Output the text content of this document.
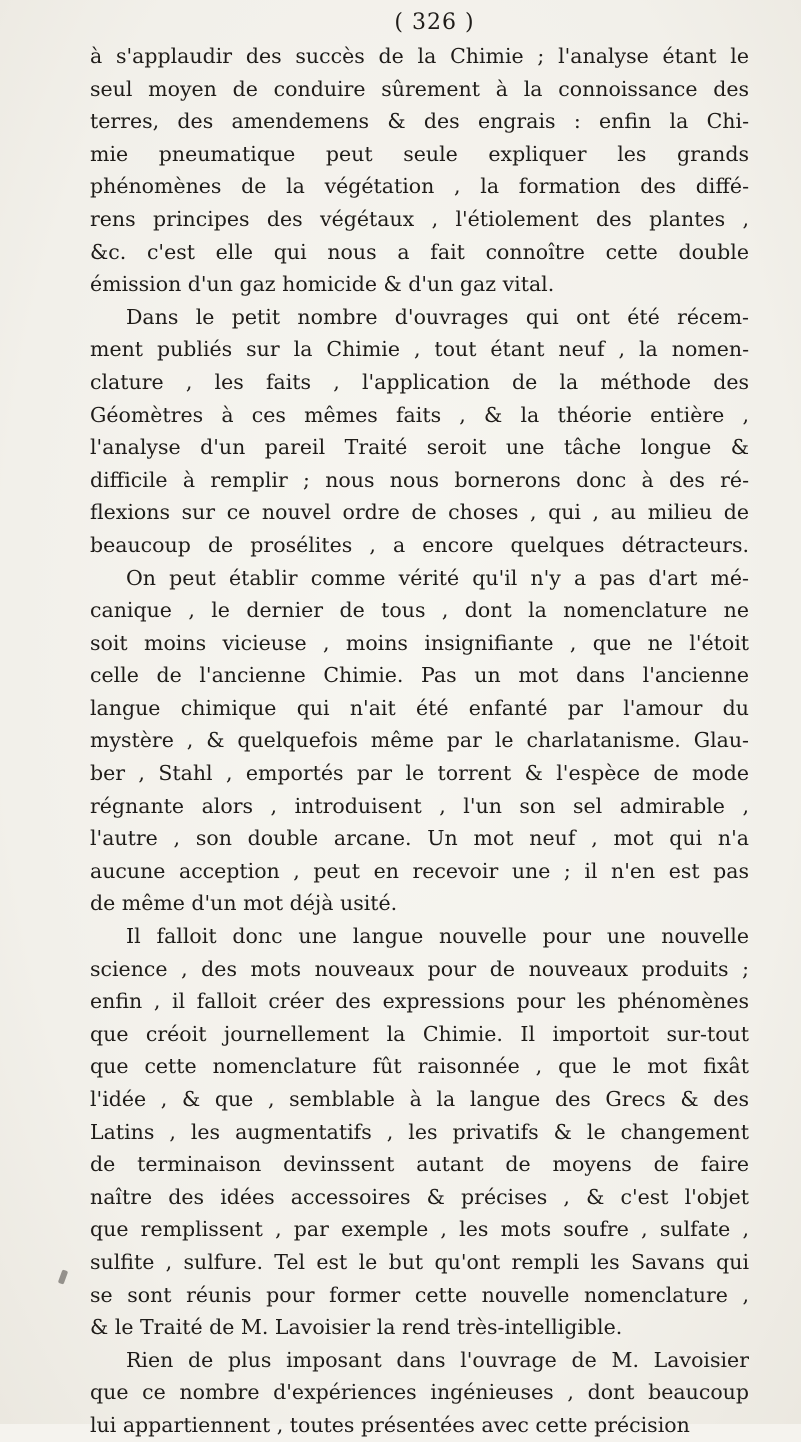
( 326 )
à s'applaudir des succès de la Chimie ; l'analyse étant le
seul moyen de conduire sûrement à la connoissance des
terres, des amendemens & des engrais : enfin la Chi-
mie pneumatique peut seule expliquer les grands
phénomènes de la végétation , la formation des diffé-
rens principes des végétaux , l'étiolement des plantes ,
&c. c'est elle qui nous a fait connoître cette double
émission d'un gaz homicide & d'un gaz vital.
Dans le petit nombre d'ouvrages qui ont été récem-
ment publiés sur la Chimie , tout étant neuf , la nomen-
clature , les faits , l'application de la méthode des
Géomètres à ces mêmes faits , & la théorie entière ,
l'analyse d'un pareil Traité seroit une tâche longue &
difficile à remplir ; nous nous bornerons donc à des ré-
flexions sur ce nouvel ordre de choses , qui , au milieu de
beaucoup de prosélites , a encore quelques détracteurs.
On peut établir comme vérité qu'il n'y a pas d'art mé-
canique , le dernier de tous , dont la nomenclature ne
soit moins vicieuse , moins insignifiante , que ne l'étoit
celle de l'ancienne Chimie. Pas un mot dans l'ancienne
langue chimique qui n'ait été enfanté par l'amour du
mystère , & quelquefois même par le charlatanisme. Glau-
ber , Stahl , emportés par le torrent & l'espèce de mode
régnante alors , introduisent , l'un son sel admirable ,
l'autre , son double arcane. Un mot neuf , mot qui n'a
aucune acception , peut en recevoir une ; il n'en est pas
de même d'un mot déjà usité.
Il falloit donc une langue nouvelle pour une nouvelle
science , des mots nouveaux pour de nouveaux produits ;
enfin , il falloit créer des expressions pour les phénomènes
que créoit journellement la Chimie. Il importoit sur-tout
que cette nomenclature fût raisonnée , que le mot fixât
l'idée , & que , semblable à la langue des Grecs & des
Latins , les augmentatifs , les privatifs & le changement
de terminaison devinssent autant de moyens de faire
naître des idées accessoires & précises , & c'est l'objet
que remplissent , par exemple , les mots soufre , sulfate ,
sulfite , sulfure. Tel est le but qu'ont rempli les Savans qui
se sont réunis pour former cette nouvelle nomenclature ,
& le Traité de M. Lavoisier la rend très-intelligible.
Rien de plus imposant dans l'ouvrage de M. Lavoisier
que ce nombre d'expériences ingénieuses , dont beaucoup
lui appartiennent , toutes présentées avec cette précision
